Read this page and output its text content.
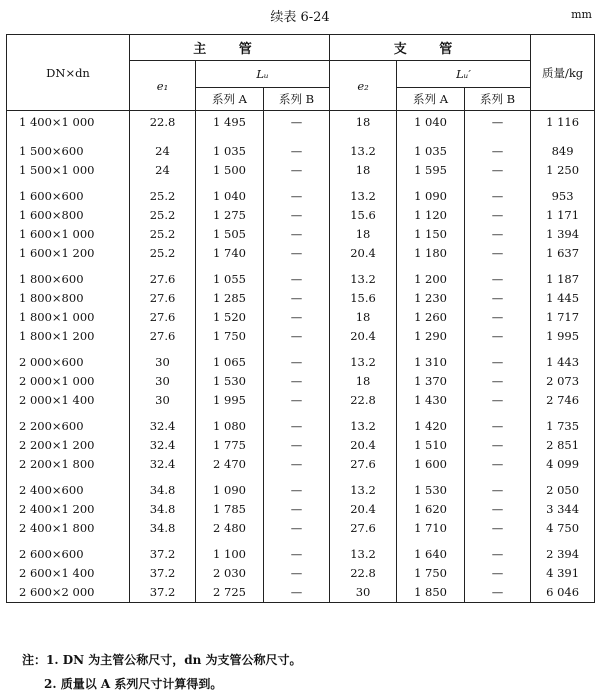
续表 6-24	mm
DN×dn	主 管			支 管			质量/kg
	e₁	Lᵤ		e₂	Lᵤ′		
		系列 A	系列 B		系列 A	系列 B	
1 400×1 000	22.8	1 495	—	18	1 040	—	1 116

1 500×600	24	1 035	—	13.2	1 035	—	849
1 500×1 000	24	1 500	—	18	1 595	—	1 250

1 600×600	25.2	1 040	—	13.2	1 090	—	953
1 600×800	25.2	1 275	—	15.6	1 120	—	1 171
1 600×1 000	25.2	1 505	—	18	1 150	—	1 394
1 600×1 200	25.2	1 740	—	20.4	1 180	—	1 637

1 800×600	27.6	1 055	—	13.2	1 200	—	1 187
1 800×800	27.6	1 285	—	15.6	1 230	—	1 445
1 800×1 000	27.6	1 520	—	18	1 260	—	1 717
1 800×1 200	27.6	1 750	—	20.4	1 290	—	1 995

2 000×600	30	1 065	—	13.2	1 310	—	1 443
2 000×1 000	30	1 530	—	18	1 370	—	2 073
2 000×1 400	30	1 995	—	22.8	1 430	—	2 746

2 200×600	32.4	1 080	—	13.2	1 420	—	1 735
2 200×1 200	32.4	1 775	—	20.4	1 510	—	2 851
2 200×1 800	32.4	2 470	—	27.6	1 600	—	4 099

2 400×600	34.8	1 090	—	13.2	1 530	—	2 050
2 400×1 200	34.8	1 785	—	20.4	1 620	—	3 344
2 400×1 800	34.8	2 480	—	27.6	1 710	—	4 750

2 600×600	37.2	1 100	—	13.2	1 640	—	2 394
2 600×1 400	37.2	2 030	—	22.8	1 750	—	4 391
2 600×2 000	37.2	2 725	—	30	1 850	—	6 046
注：1. DN 为主管公称尺寸，dn 为支管公称尺寸。
2. 质量以 A 系列尺寸计算得到。
